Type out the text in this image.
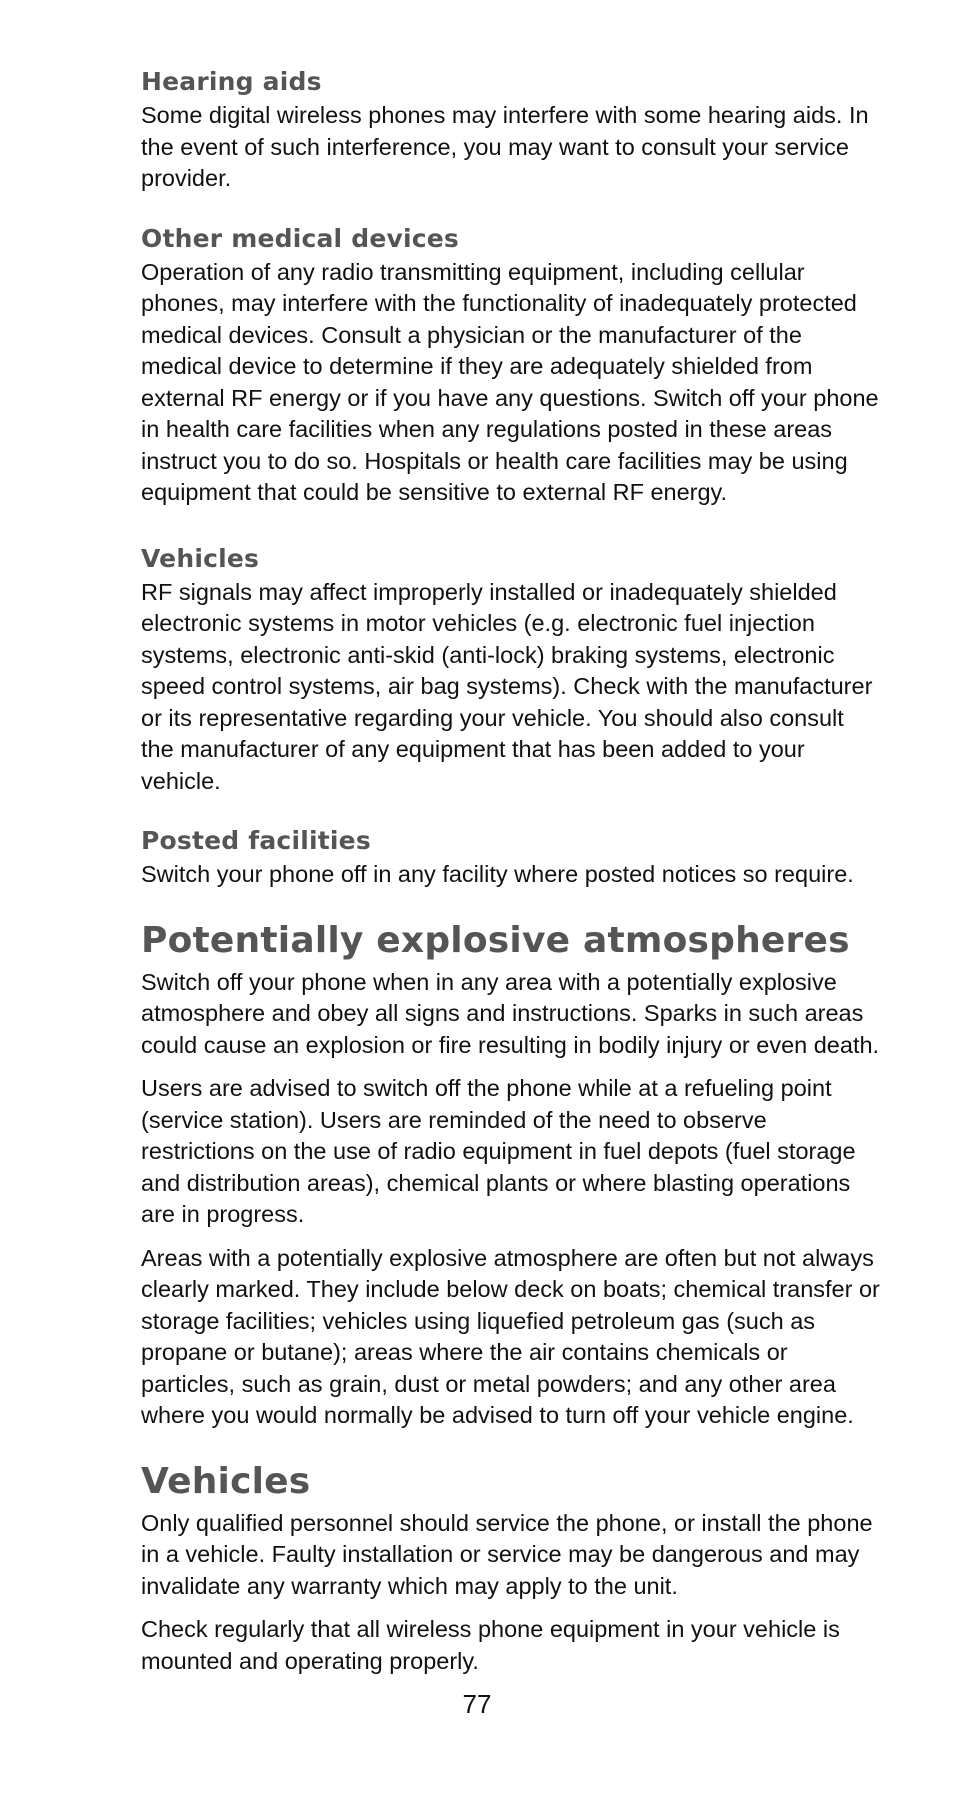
Hearing aids

Some digital wireless phones may interfere with some hearing aids. In the event of such interference, you may want to consult your service provider.

Other medical devices

Operation of any radio transmitting equipment, including cellular phones, may interfere with the functionality of inadequately protected medical devices. Consult a physician or the manufacturer of the medical device to determine if they are adequately shielded from external RF energy or if you have any questions. Switch off your phone in health care facilities when any regulations posted in these areas instruct you to do so. Hospitals or health care facilities may be using equipment that could be sensitive to external RF energy.

Vehicles

RF signals may affect improperly installed or inadequately shielded electronic systems in motor vehicles (e.g. electronic fuel injection systems, electronic anti-skid (anti-lock) braking systems, electronic speed control systems, air bag systems). Check with the manufacturer or its representative regarding your vehicle. You should also consult the manufacturer of any equipment that has been added to your vehicle.

Posted facilities

Switch your phone off in any facility where posted notices so require.

Potentially explosive atmospheres

Switch off your phone when in any area with a potentially explosive atmosphere and obey all signs and instructions. Sparks in such areas could cause an explosion or fire resulting in bodily injury or even death.

Users are advised to switch off the phone while at a refueling point (service station). Users are reminded of the need to observe restrictions on the use of radio equipment in fuel depots (fuel storage and distribution areas), chemical plants or where blasting operations are in progress.

Areas with a potentially explosive atmosphere are often but not always clearly marked. They include below deck on boats; chemical transfer or storage facilities; vehicles using liquefied petroleum gas (such as propane or butane); areas where the air contains chemicals or particles, such as grain, dust or metal powders; and any other area where you would normally be advised to turn off your vehicle engine.

Vehicles

Only qualified personnel should service the phone, or install the phone in a vehicle. Faulty installation or service may be dangerous and may invalidate any warranty which may apply to the unit.

Check regularly that all wireless phone equipment in your vehicle is mounted and operating properly.

77
